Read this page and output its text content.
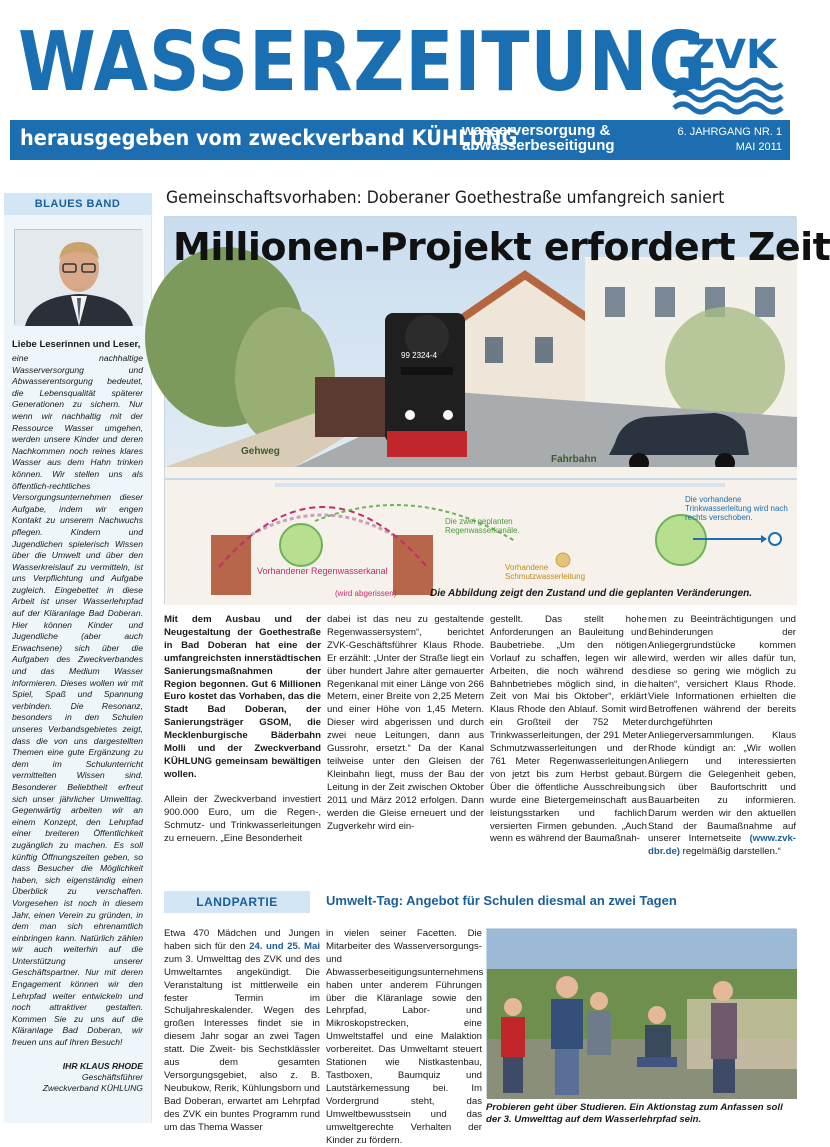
WASSERZEITUNG
ZVK
herausgegeben vom zweckverband KÜHLUNG
wasserversorgung &
abwasserbeseitigung
6. JAHRGANG NR. 1
MAI 2011
BLAUES BAND
Liebe Leserinnen und Leser,
eine nachhaltige Wasserversorgung und Abwasserentsorgung bedeutet, die Lebensqualität späterer Generationen zu sichern. Nur wenn wir nachhaltig mit der Ressource Wasser umgehen, werden unsere Kinder und deren Nachkommen noch reines klares Wasser aus dem Hahn trinken können. Wir stellen uns als öffentlich-rechtliches Versorgungsunternehmen dieser Aufgabe, indem wir engen Kontakt zu unserem Nachwuchs pflegen. Kindern und Jugendlichen spielerisch Wissen über die Umwelt und über den Wasserkreislauf zu vermitteln, ist uns Verpflichtung und Aufgabe zugleich. Eingebettet in diese Arbeit ist unser Wasserlehrpfad auf der Kläranlage Bad Doberan. Hier können Kinder und Jugendliche (aber auch Erwachsene) sich über die Aufgaben des Zweckverbandes und das Medium Wasser informieren. Dieses wollen wir mit Spiel, Spaß und Spannung verbinden. Die Resonanz, besonders in den Schulen unseres Verbandsgebietes zeigt, dass die von uns dargestellten Themen eine gute Ergänzung zu dem im Schulunterricht vermittelten Wissen sind. Besonderer Beliebtheit erfreut sich unser jährlicher Umwelttag. Gegenwärtig arbeiten wir an einem Konzept, den Lehrpfad einer breiteren Öffentlichkeit zugänglich zu machen. Es soll künftig Öffnungszeiten geben, so dass Besucher die Möglichkeit haben, sich eigenständig einen Überblick zu verschaffen. Vorgesehen ist noch in diesem Jahr, einen Verein zu gründen, in dem man sich ehrenamtlich einbringen kann. Natürlich zählen wir auch weiterhin auf die Unterstützung unserer Geschäftspartner. Nur mit deren Engagement können wir den Lehrpfad weiter entwickeln und noch attraktiver gestalten. Kommen Sie zu uns auf die Kläranlage Bad Doberan, wir freuen uns auf Ihren Besuch!
IHR KLAUS RHODE
Geschäftsführer
Zweckverband KÜHLUNG
Gemeinschaftsvorhaben: Doberaner Goethestraße umfangreich saniert
Millionen-Projekt erfordert Zeit
Gehweg
Fahrbahn
99 2324-4
Die vorhandene Trinkwasserleitung wird nach rechts verschoben.
Die zwei geplanten Regenwasserkanäle.
Vorhandene Schmutzwasserleitung
Vorhandener Regenwasserkanal
(wird abgerissen)	Die Abbildung zeigt den Zustand und die geplanten Veränderungen.

Mit dem Ausbau und der Neugestaltung der Goethestraße in Bad Doberan hat eine der umfangreichsten innerstädtischen Sanierungsmaßnahmen der Region begonnen. Gut 6 Millionen Euro kostet das Vorhaben, das die Stadt Bad Doberan, der Sanierungsträger GSOM, die Mecklenburgische Bäderbahn Molli und der Zweckverband KÜHLUNG gemeinsam bewältigen wollen.

Allein der Zweckverband investiert 900.000 Euro, um die Regen-, Schmutz- und Trinkwasserleitungen zu erneuern. „Eine Besonderheit

dabei ist das neu zu gestaltende Regenwassersystem“, berichtet ZVK-Geschäftsführer Klaus Rhode. Er erzählt: „Unter der Straße liegt ein über hundert Jahre alter gemauerter Regenkanal mit einer Länge von 266 Metern, einer Breite von 2,25 Metern und einer Höhe von 1,45 Metern. Dieser wird abgerissen und durch zwei neue Leitungen, dann aus Gussrohr, ersetzt.“ Da der Kanal teilweise unter den Gleisen der Kleinbahn liegt, muss der Bau der Leitung in der Zeit zwischen Oktober 2011 und März 2012 erfolgen. Dann werden die Gleise erneuert und der Zugverkehr wird ein-

gestellt. Das stellt hohe Anforderungen an Bauleitung und Baubetriebe. „Um den nötigen Vorlauf zu schaffen, legen wir alle Arbeiten, die noch während des Bahnbetriebes möglich sind, in die Zeit von Mai bis Oktober“, erklärt Klaus Rhode den Ablauf. Somit wird ein Großteil der 752 Meter Trinkwasserleitungen, der 291 Meter Schmutzwasserleitungen und der 761 Meter Regenwasserleitungen von jetzt bis zum Herbst gebaut. Über die öffentliche Ausschreibung wurde eine Bietergemeinschaft aus leistungsstarken und fachlich versierten Firmen gebunden. „Auch wenn es während der Baumaßnah-

men zu Beeinträchtigungen und Behinderungen der Anliegergrundstücke kommen wird, werden wir alles dafür tun, diese so gering wie möglich zu halten“, versichert Klaus Rhode. Viele Informationen erhielten die Betroffenen während der bereits durchgeführten Anliegerversammlungen. Klaus Rhode kündigt an: „Wir wollen Anliegern und interessierten Bürgern die Gelegenheit geben, sich über Baufortschritt und Bauarbeiten zu informieren. Darum werden wir den aktuellen Stand der Baumaßnahme auf unserer Internetseite (www.zvk-dbr.de) regelmäßig darstellen.“

LANDPARTIE	Umwelt-Tag: Angebot für Schulen diesmal an zwei Tagen

Etwa 470 Mädchen und Jungen haben sich für den 24. und 25. Mai zum 3. Umwelttag des ZVK und des Umweltamtes angekündigt. Die Veranstaltung ist mittlerweile ein fester Termin im Schuljahreskalender. Wegen des großen Interesses findet sie in diesem Jahr sogar an zwei Tagen statt. Die Zweit- bis Sechstklässler aus dem gesamten Versorgungsgebiet, also z. B. Neubukow, Rerik, Kühlungsborn und Bad Doberan, erwartet am Lehrpfad des ZVK ein buntes Programm rund um das Thema Wasser

in vielen seiner Facetten. Die Mitarbeiter des Wasserversorgungs- und Abwasserbeseitigungsunternehmens haben unter anderem Führungen über die Kläranlage sowie den Lehrpfad, Labor- und Mikroskopstrecken, eine Umweltstaffel und eine Malaktion vorbereitet. Das Umweltamt steuert Stationen wie Nistkastenbau, Tastboxen, Baumquiz und Lautstärkemessung bei. Im Vordergrund steht, das Umweltbewusstsein und das umweltgerechte Verhalten der Kinder zu fördern.

Probieren geht über Studieren. Ein Aktionstag zum Anfassen soll der 3. Umwelttag auf dem Wasserlehrpfad sein.
